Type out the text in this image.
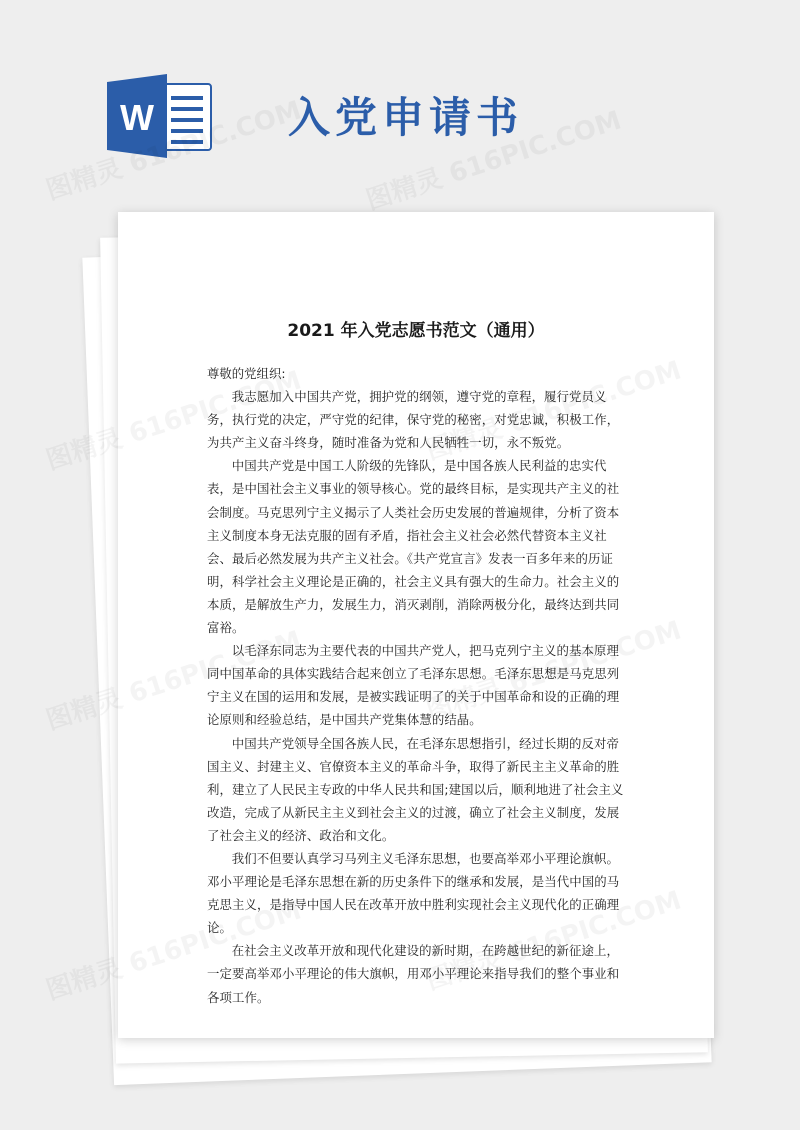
W	入党申请书
2021 年入党志愿书范文（通用）

尊敬的党组织:

我志愿加入中国共产党，拥护党的纲领，遵守党的章程，履行党员义务，执行党的决定，严守党的纪律，保守党的秘密，对党忠诚，积极工作，为共产主义奋斗终身，随时准备为党和人民牺牲一切，永不叛党。

中国共产党是中国工人阶级的先锋队，是中国各族人民利益的忠实代表，是中国社会主义事业的领导核心。党的最终目标，是实现共产主义的社会制度。马克思列宁主义揭示了人类社会历史发展的普遍规律，分析了资本主义制度本身无法克服的固有矛盾，指社会主义社会必然代替资本主义社会、最后必然发展为共产主义社会。《共产党宣言》发表一百多年来的历证明，科学社会主义理论是正确的，社会主义具有强大的生命力。社会主义的本质，是解放生产力，发展生力，消灭剥削，消除两极分化，最终达到共同富裕。

以毛泽东同志为主要代表的中国共产党人，把马克列宁主义的基本原理同中国革命的具体实践结合起来创立了毛泽东思想。毛泽东思想是马克思列宁主义在国的运用和发展，是被实践证明了的关于中国革命和设的正确的理论原则和经验总结，是中国共产党集体慧的结晶。

中国共产党领导全国各族人民，在毛泽东思想指引，经过长期的反对帝国主义、封建主义、官僚资本主义的革命斗争，取得了新民主主义革命的胜利，建立了人民民主专政的中华人民共和国;建国以后，顺利地进了社会主义改造，完成了从新民主主义到社会主义的过渡，确立了社会主义制度，发展了社会主义的经济、政治和文化。

我们不但要认真学习马列主义毛泽东思想，也要高举邓小平理论旗帜。邓小平理论是毛泽东思想在新的历史条件下的继承和发展，是当代中国的马克思主义，是指导中国人民在改革开放中胜利实现社会主义现代化的正确理论。

在社会主义改革开放和现代化建设的新时期，在跨越世纪的新征途上，一定要高举邓小平理论的伟大旗帜，用邓小平理论来指导我们的整个事业和各项工作。
